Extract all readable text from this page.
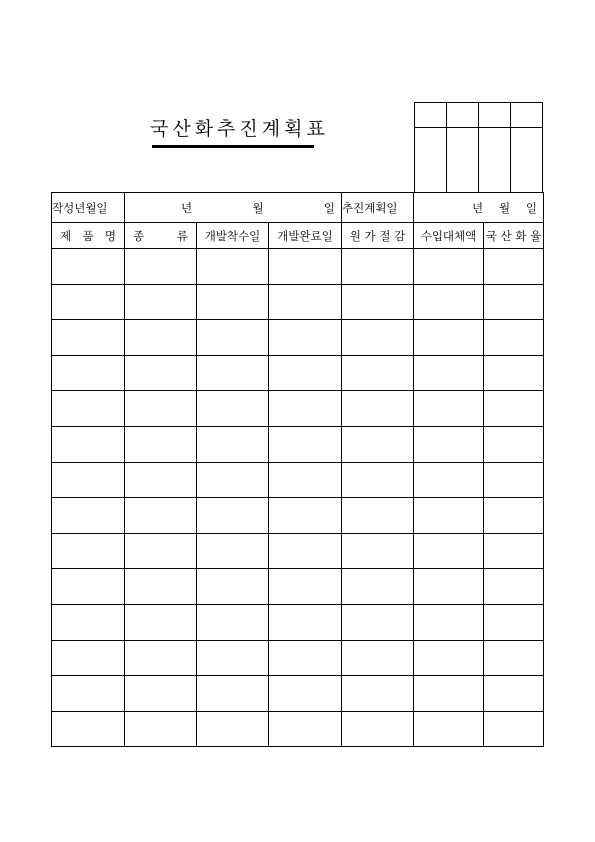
국산화추진계획표

작성년월일	년 월 일			추진계획일	년 월 일	

제 품 명	종 류	개발착수일	개발완료일	원 가 절 감	수입대체액	국 산 화 율
